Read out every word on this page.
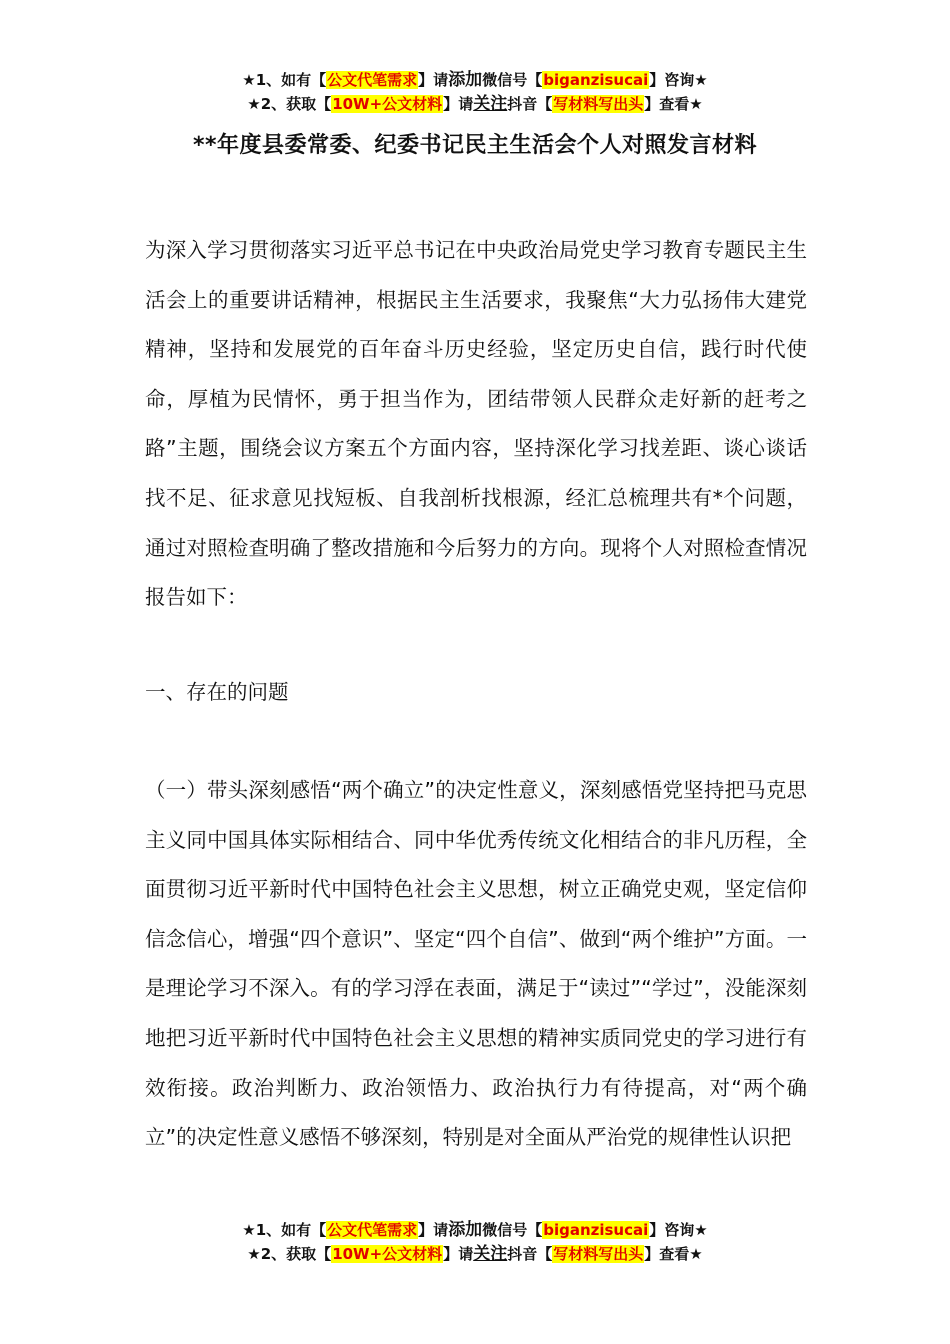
★1、如有【公文代笔需求】请添加微信号【biganzisucai】咨询★
★2、获取【10W+公文材料】请关注抖音【写材料写出头】查看★
**年度县委常委、纪委书记民主生活会个人对照发言材料

为深入学习贯彻落实习近平总书记在中央政治局党史学习教育专题民主生活会上的重要讲话精神，根据民主生活要求，我聚焦“大力弘扬伟大建党精神，坚持和发展党的百年奋斗历史经验，坚定历史自信，践行时代使命，厚植为民情怀，勇于担当作为，团结带领人民群众走好新的赶考之路”主题，围绕会议方案五个方面内容，坚持深化学习找差距、谈心谈话找不足、征求意见找短板、自我剖析找根源，经汇总梳理共有*个问题，通过对照检查明确了整改措施和今后努力的方向。现将个人对照检查情况报告如下：

一、存在的问题

（一）带头深刻感悟“两个确立”的决定性意义，深刻感悟党坚持把马克思主义同中国具体实际相结合、同中华优秀传统文化相结合的非凡历程，全面贯彻习近平新时代中国特色社会主义思想，树立正确党史观，坚定信仰信念信心，增强“四个意识”、坚定“四个自信”、做到“两个维护”方面。一是理论学习不深入。有的学习浮在表面，满足于“读过”“学过”，没能深刻地把习近平新时代中国特色社会主义思想的精神实质同党史的学习进行有效衔接。政治判断力、政治领悟力、政治执行力有待提高，对“两个确立”的决定性意义感悟不够深刻，特别是对全面从严治党的规律性认识把

★1、如有【公文代笔需求】请添加微信号【biganzisucai】咨询★
★2、获取【10W+公文材料】请关注抖音【写材料写出头】查看★
